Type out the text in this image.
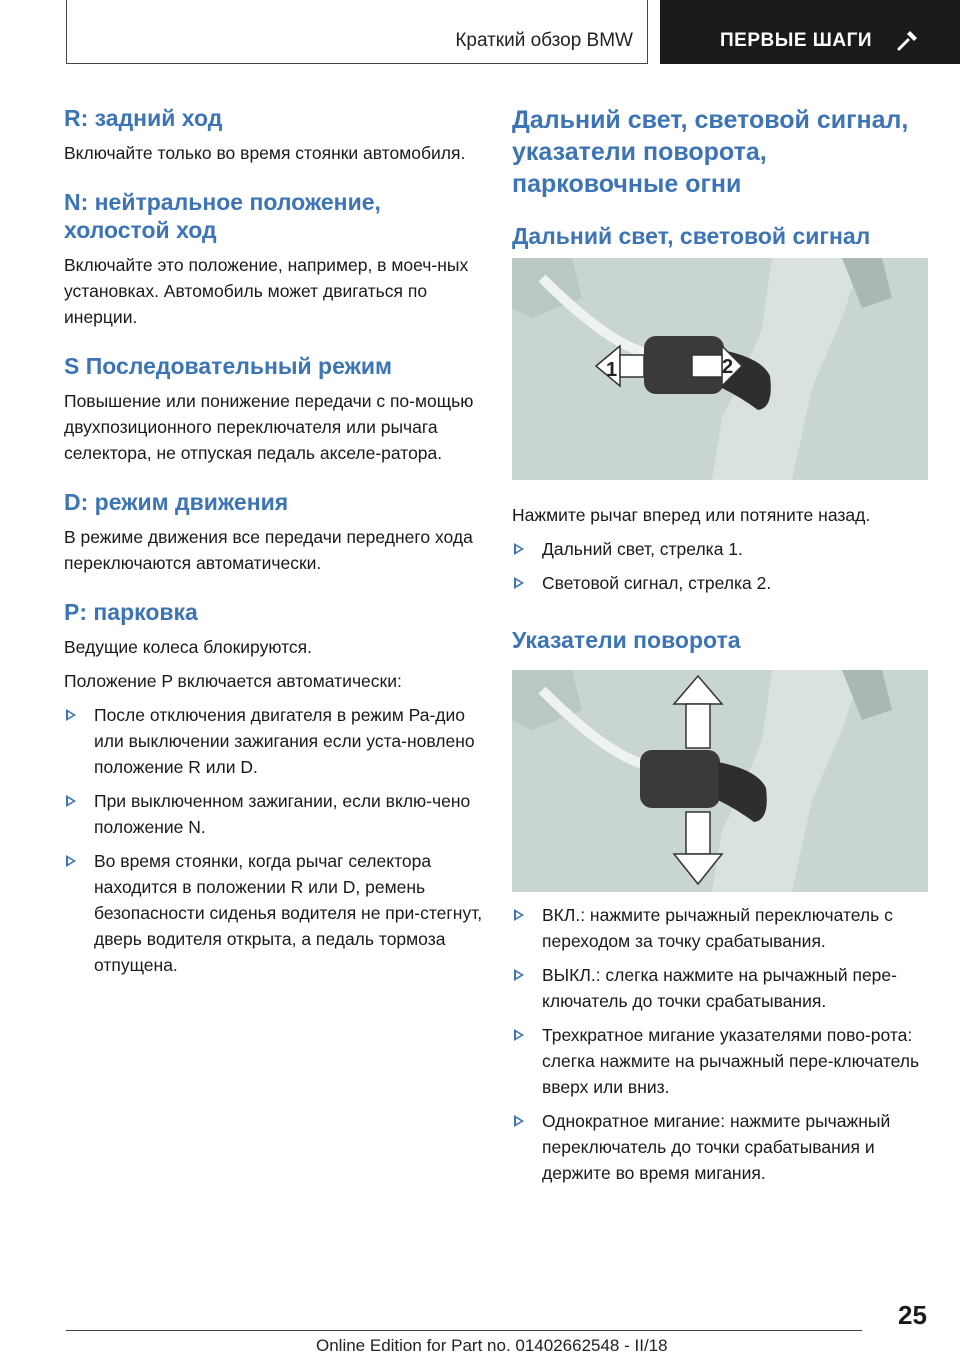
Краткий обзор BMW	ПЕРВЫЕ ШАГИ
R: задний ход

Включайте только во время стоянки автомобиля.

N: нейтральное положение, холостой ход

Включайте это положение, например, в моеч-ных установках. Автомобиль может двигаться по инерции.

S Последовательный режим

Повышение или понижение передачи с по-мощью двухпозиционного переключателя или рычага селектора, не отпуская педаль акселе-ратора.

D: режим движения

В режиме движения все передачи переднего хода переключаются автоматически.

P: парковка

Ведущие колеса блокируются.

Положение P включается автоматически:

После отключения двигателя в режим Ра-дио или выключении зажигания если уста-новлено положение R или D.
При выключенном зажигании, если вклю-чено положение N.
Во время стоянки, когда рычаг селектора находится в положении R или D, ремень безопасности сиденья водителя не при-стегнут, дверь водителя открыта, а педаль тормоза отпущена.
Дальний свет, световой сигнал, указатели поворота, парковочные огни
Дальний свет, световой сигнал
1	2

Нажмите рычаг вперед или потяните назад.

Дальний свет, стрелка 1.
Световой сигнал, стрелка 2.
Указатели поворота
ВКЛ.: нажмите рычажный переключатель с переходом за точку срабатывания.
ВЫКЛ.: слегка нажмите на рычажный пере-ключатель до точки срабатывания.
Трехкратное мигание указателями пово-рота: слегка нажмите на рычажный пере-ключатель вверх или вниз.
Однократное мигание: нажмите рычажный переключатель до точки срабатывания и держите во время мигания.
25
Online Edition for Part no. 01402662548 - II/18
